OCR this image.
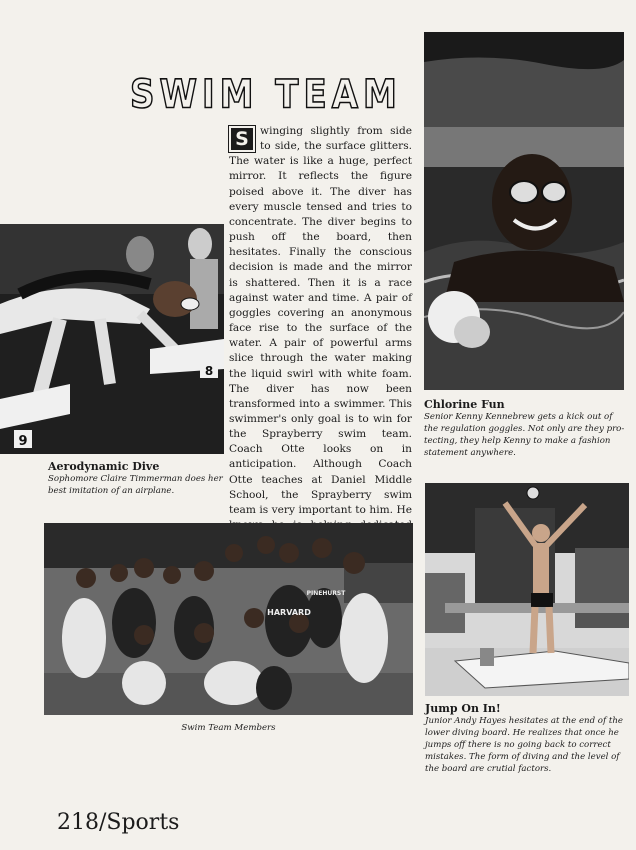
SWIM TEAM
S	winging slightly from side to side, the surface glitters. The water is like a huge, perfect mirror. It reflects the figure poised above it. The diver has every muscle tensed and tries to concentrate. The diver begins to push off the board, then hesitates. Finally the conscious decision is made and the mirror is shattered. Then it is a race against water and time. A pair of goggles covering an anonymous face rise to the surface of the water. A pair of powerful arms slice through the water making the liquid swirl with white foam. The diver has now been transformed into a swimmer. This swimmer's only goal is to win for the Sprayberry swim team. Coach Otte looks on in anticipation. Although Coach Otte teaches at Daniel Middle School, the Sprayberry swim team is very important to him. He
Chlorine Fun
Senior Kenny Kennebrew gets a kick out of the regulation goggles. Not only are they protecting, they help Kenny to make a fashion statement anywhere.
9
8
Aerodynamic Dive
Sophomore Claire Timmerman does her best imitation of an airplane.
HARVARD
PINEHURST
Swim Team Members
Jump On In!
Junior Andy Hayes hesitates at the end of the lower diving board. He realizes that once he jumps off there is no going back to correct mistakes. The form of diving and the level of the board are crutial factors.
218/Sports
